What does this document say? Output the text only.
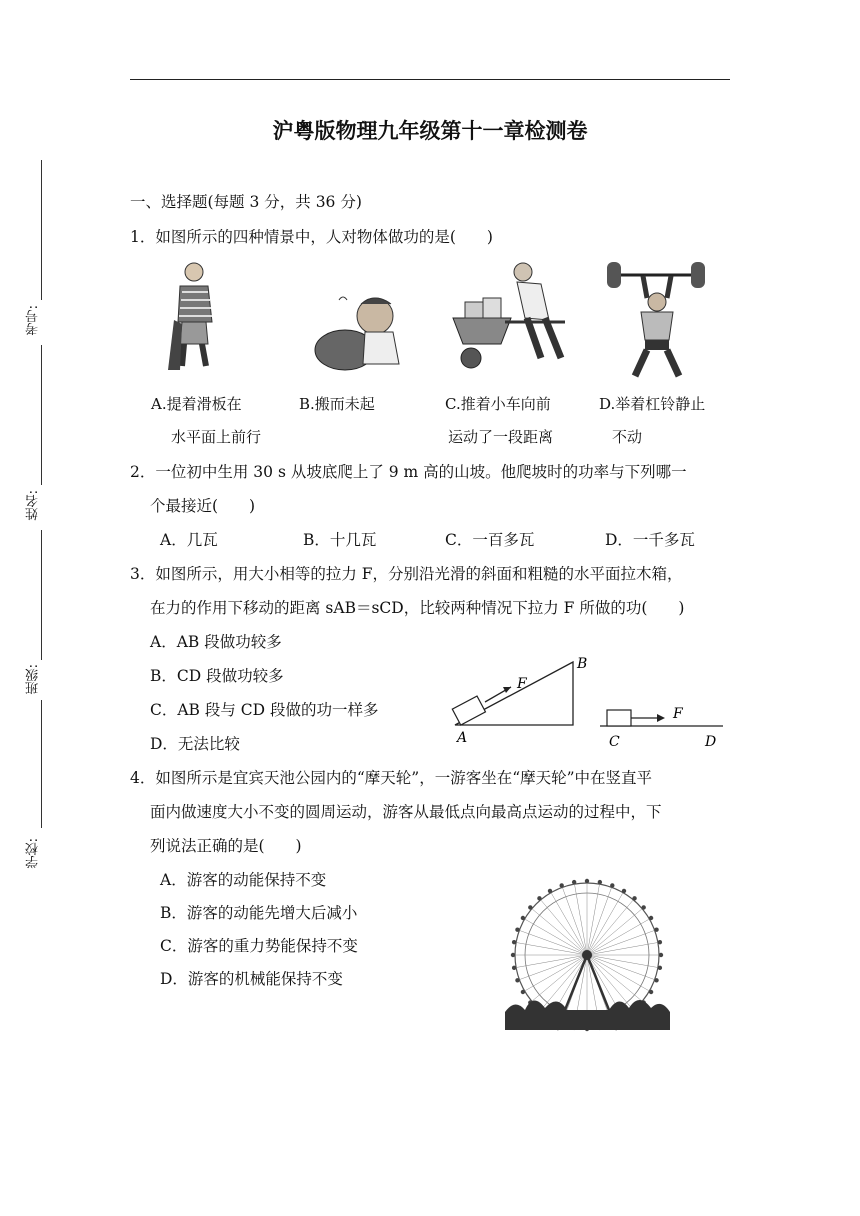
沪粤版物理九年级第十一章检测卷
考号:
姓名:
班级:
学校:
一、选择题(每题 3 分，共 36 分)
1．如图所示的四种情景中，人对物体做功的是(　　)
A.提着滑板在
水平面上前行
B.搬而未起	C.推着小车向前
运动了一段距离
D.举着杠铃静止
不动
2．一位初中生用 30 s 从坡底爬上了 9 m 高的山坡。他爬坡时的功率与下列哪一
个最接近(　　)
A．几瓦	B．十几瓦	C．一百多瓦	D．一千多瓦
3．如图所示，用大小相等的拉力 F，分别沿光滑的斜面和粗糙的水平面拉木箱，
在力的作用下移动的距离 sAB＝sCD，比较两种情况下拉力 F 所做的功(　　)
A．AB 段做功较多
B．CD 段做功较多
C．AB 段与 CD 段做的功一样多
D．无法比较	A
B
F
C	D
F
4．如图所示是宜宾天池公园内的“摩天轮”，一游客坐在“摩天轮”中在竖直平
面内做速度大小不变的圆周运动，游客从最低点向最高点运动的过程中，下
列说法正确的是(　　)
A．游客的动能保持不变
B．游客的动能先增大后减小
C．游客的重力势能保持不变
D．游客的机械能保持不变
